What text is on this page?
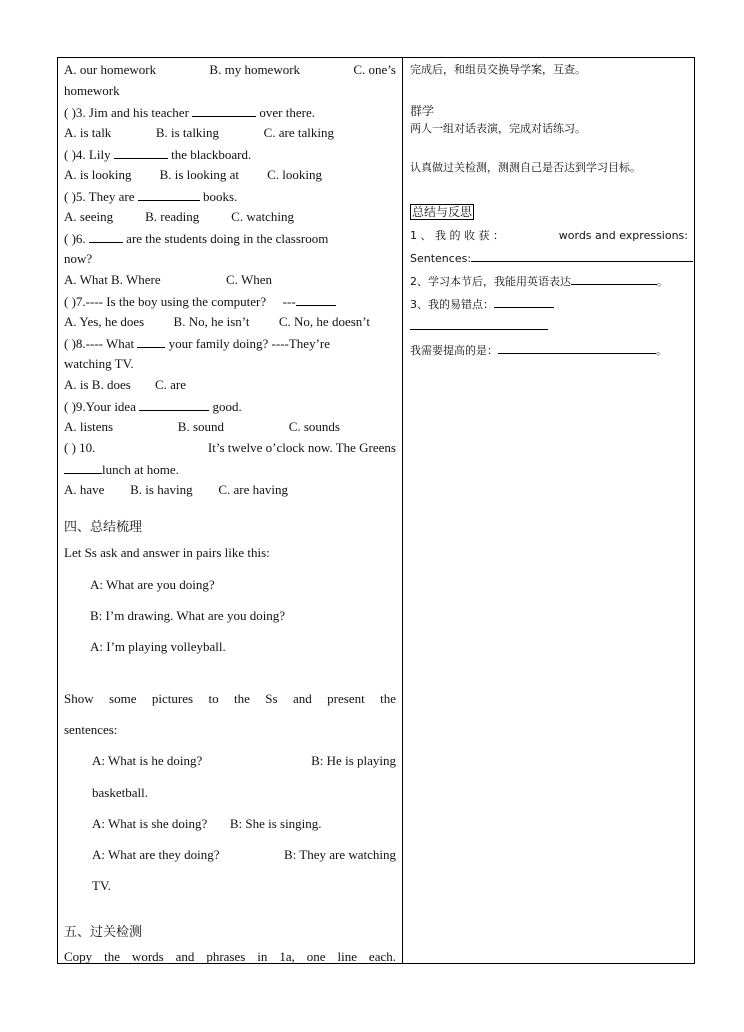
A. our homework	B. my homework	C. one’s
homework
( )3. Jim and his teacher	over there.
A. is talk	B. is talking	C. are talking
( )4. Lily	the blackboard.
A. is looking B. is looking at C. looking
( )5. They are	books.
A. seeing B. reading C. watching
( )6.	are the students doing in the classroom
now?
A. What B. Where	C. When
( )7.---- Is the boy using the computer? ---
A. Yes, he does B. No, he isn’t C. No, he doesn’t
( )8.---- What	your family doing? ----They’re
watching TV.
A. is B. does C. are
( )9.Your idea	good.
A. listens	B. sound	C. sounds
( ) 10.	It’s twelve o’clock now. The Greens
lunch at home.
A. have B. is having C. are having
四、总结梳理
Let Ss ask and answer in pairs like this:
A: What are you doing?
B: I’m drawing. What are you doing?
A: I’m playing volleyball.
Show some pictures to the Ss and present the
sentences:
A: What is he doing?	B: He is playing
basketball.
A: What is she doing? B: She is singing.
A: What are they doing?	B: They are watching
TV.
五、过关检测
Copy the words and phrases in 1a, one line each.
完成后，和组员交换导学案，互查。
群学
两人一组对话表演，完成对话练习。
认真做过关检测，测测自己是否达到学习目标。
总结与反思
1 、 我 的 收 获 ：	words and expressions:
Sentences:
2、学习本节后，我能用英语表达	。
3、我的易错点：
我需要提高的是：	。
